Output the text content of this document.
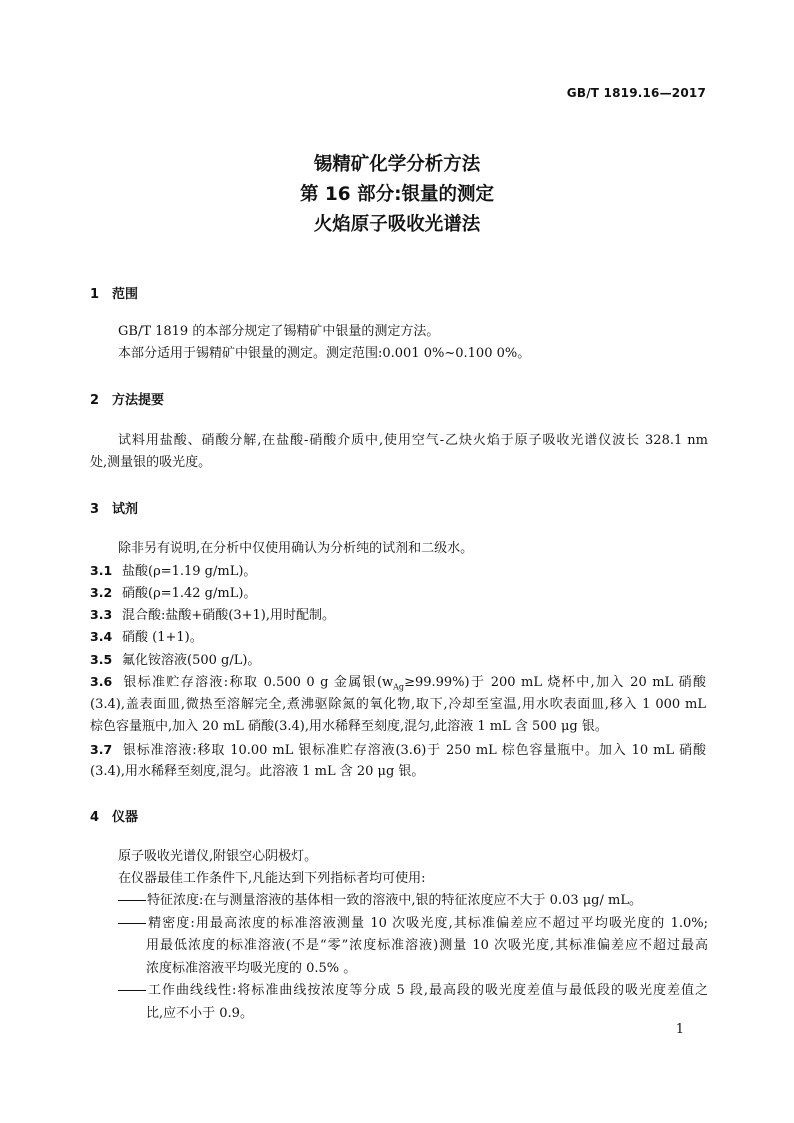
GB/T 1819.16—2017
锡精矿化学分析方法
第 16 部分:银量的测定
火焰原子吸收光谱法
1 范围
GB/T 1819 的本部分规定了锡精矿中银量的测定方法。
本部分适用于锡精矿中银量的测定。测定范围:0.001 0%~0.100 0%。
2 方法提要
试料用盐酸、硝酸分解,在盐酸-硝酸介质中,使用空气-乙炔火焰于原子吸收光谱仪波长 328.1 nm
处,测量银的吸光度。
3 试剂
除非另有说明,在分析中仅使用确认为分析纯的试剂和二级水。
3.1 盐酸(ρ=1.19 g/mL)。
3.2 硝酸(ρ=1.42 g/mL)。
3.3 混合酸:盐酸+硝酸(3+1),用时配制。
3.4 硝酸 (1+1)。
3.5 氟化铵溶液(500 g/L)。
3.6 银标准贮存溶液:称取 0.500 0 g 金属银$(w_{Ag}\ge 99.99\%)$于 200 mL 烧杯中,加入 20 mL 硝酸
(3.4),盖表面皿,微热至溶解完全,煮沸驱除氮的氧化物,取下,冷却至室温,用水吹表面皿,移入 1 000 mL
棕色容量瓶中,加入 20 mL 硝酸(3.4),用水稀释至刻度,混匀,此溶液 1 mL 含 500 μg 银。
3.7 银标准溶液:移取 10.00 mL 银标准贮存溶液(3.6)于 250 mL 棕色容量瓶中。加入 10 mL 硝酸
(3.4),用水稀释至刻度,混匀。此溶液 1 mL 含 20 μg 银。
4 仪器
原子吸收光谱仪,附银空心阴极灯。
在仪器最佳工作条件下,凡能达到下列指标者均可使用:
特征浓度:在与测量溶液的基体相一致的溶液中,银的特征浓度应不大于 0.03 μg/ mL。
精密度:用最高浓度的标准溶液测量 10 次吸光度,其标准偏差应不超过平均吸光度的 1.0%;
用最低浓度的标准溶液(不是“零”浓度标准溶液)测量 10 次吸光度,其标准偏差应不超过最高
浓度标准溶液平均吸光度的 0.5% 。
工作曲线线性:将标准曲线按浓度等分成 5 段,最高段的吸光度差值与最低段的吸光度差值之
比,应不小于 0.9。
1
